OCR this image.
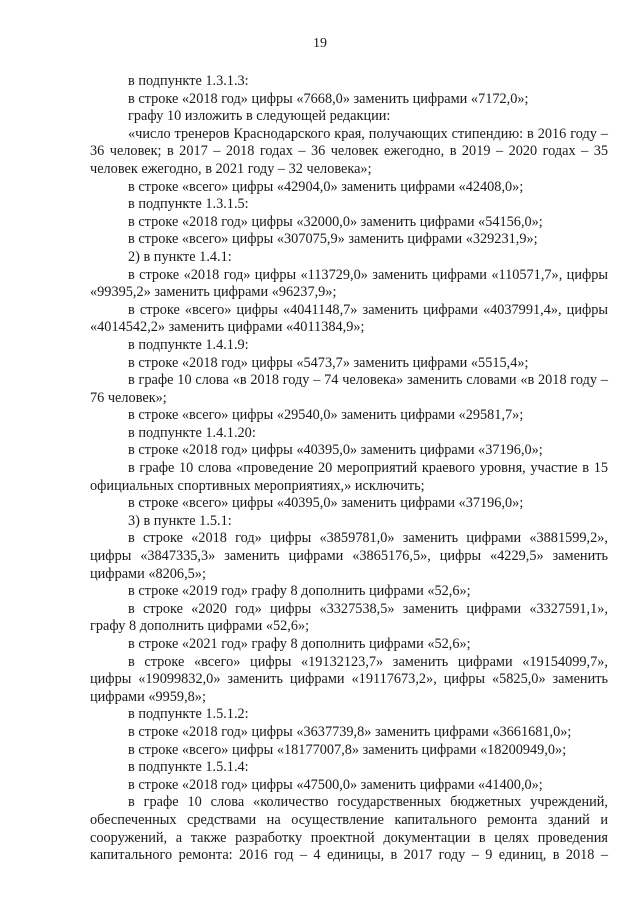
19

в подпункте 1.3.1.3:

в строке «2018 год» цифры «7668,0» заменить цифрами «7172,0»;

графу 10 изложить в следующей редакции:

«число тренеров Краснодарского края, получающих стипендию: в 2016 году – 36 человек; в 2017 – 2018 годах – 36 человек ежегодно, в 2019 – 2020 годах – 35 человек ежегодно, в 2021 году – 32 человека»;

в строке «всего» цифры «42904,0» заменить цифрами «42408,0»;

в подпункте 1.3.1.5:

в строке «2018 год» цифры «32000,0» заменить цифрами «54156,0»;

в строке «всего» цифры «307075,9» заменить цифрами «329231,9»;

2) в пункте 1.4.1:

в строке «2018 год» цифры «113729,0» заменить цифрами «110571,7», цифры «99395,2» заменить цифрами «96237,9»;

в строке «всего» цифры «4041148,7» заменить цифрами «4037991,4», цифры «4014542,2» заменить цифрами «4011384,9»;

в подпункте 1.4.1.9:

в строке «2018 год» цифры «5473,7» заменить цифрами «5515,4»;

в графе 10 слова «в 2018 году – 74 человека» заменить словами «в 2018 году – 76 человек»;

в строке «всего» цифры «29540,0» заменить цифрами «29581,7»;

в подпункте 1.4.1.20:

в строке «2018 год» цифры «40395,0» заменить цифрами «37196,0»;

в графе 10 слова «проведение 20 мероприятий краевого уровня, участие в 15 официальных спортивных мероприятиях,» исключить;

в строке «всего» цифры «40395,0» заменить цифрами «37196,0»;

3) в пункте 1.5.1:

в строке «2018 год» цифры «3859781,0» заменить цифрами «3881599,2», цифры «3847335,3» заменить цифрами «3865176,5», цифры «4229,5» заменить цифрами «8206,5»;

в строке «2019 год» графу 8 дополнить цифрами «52,6»;

в строке «2020 год» цифры «3327538,5» заменить цифрами «3327591,1», графу 8 дополнить цифрами «52,6»;

в строке «2021 год» графу 8 дополнить цифрами «52,6»;

в строке «всего» цифры «19132123,7» заменить цифрами «19154099,7», цифры «19099832,0» заменить цифрами «19117673,2», цифры «5825,0» заменить цифрами «9959,8»;

в подпункте 1.5.1.2:

в строке «2018 год» цифры «3637739,8» заменить цифрами «3661681,0»;

в строке «всего» цифры «18177007,8» заменить цифрами «18200949,0»;

в подпункте 1.5.1.4:

в строке «2018 год» цифры «47500,0» заменить цифрами «41400,0»;

в графе 10 слова «количество государственных бюджетных учреждений, обеспеченных средствами на осуществление капитального ремонта зданий и сооружений, а также разработку проектной документации в целях проведения капитального ремонта: 2016 год – 4 единицы, в 2017 году – 9 единиц, в 2018 –
